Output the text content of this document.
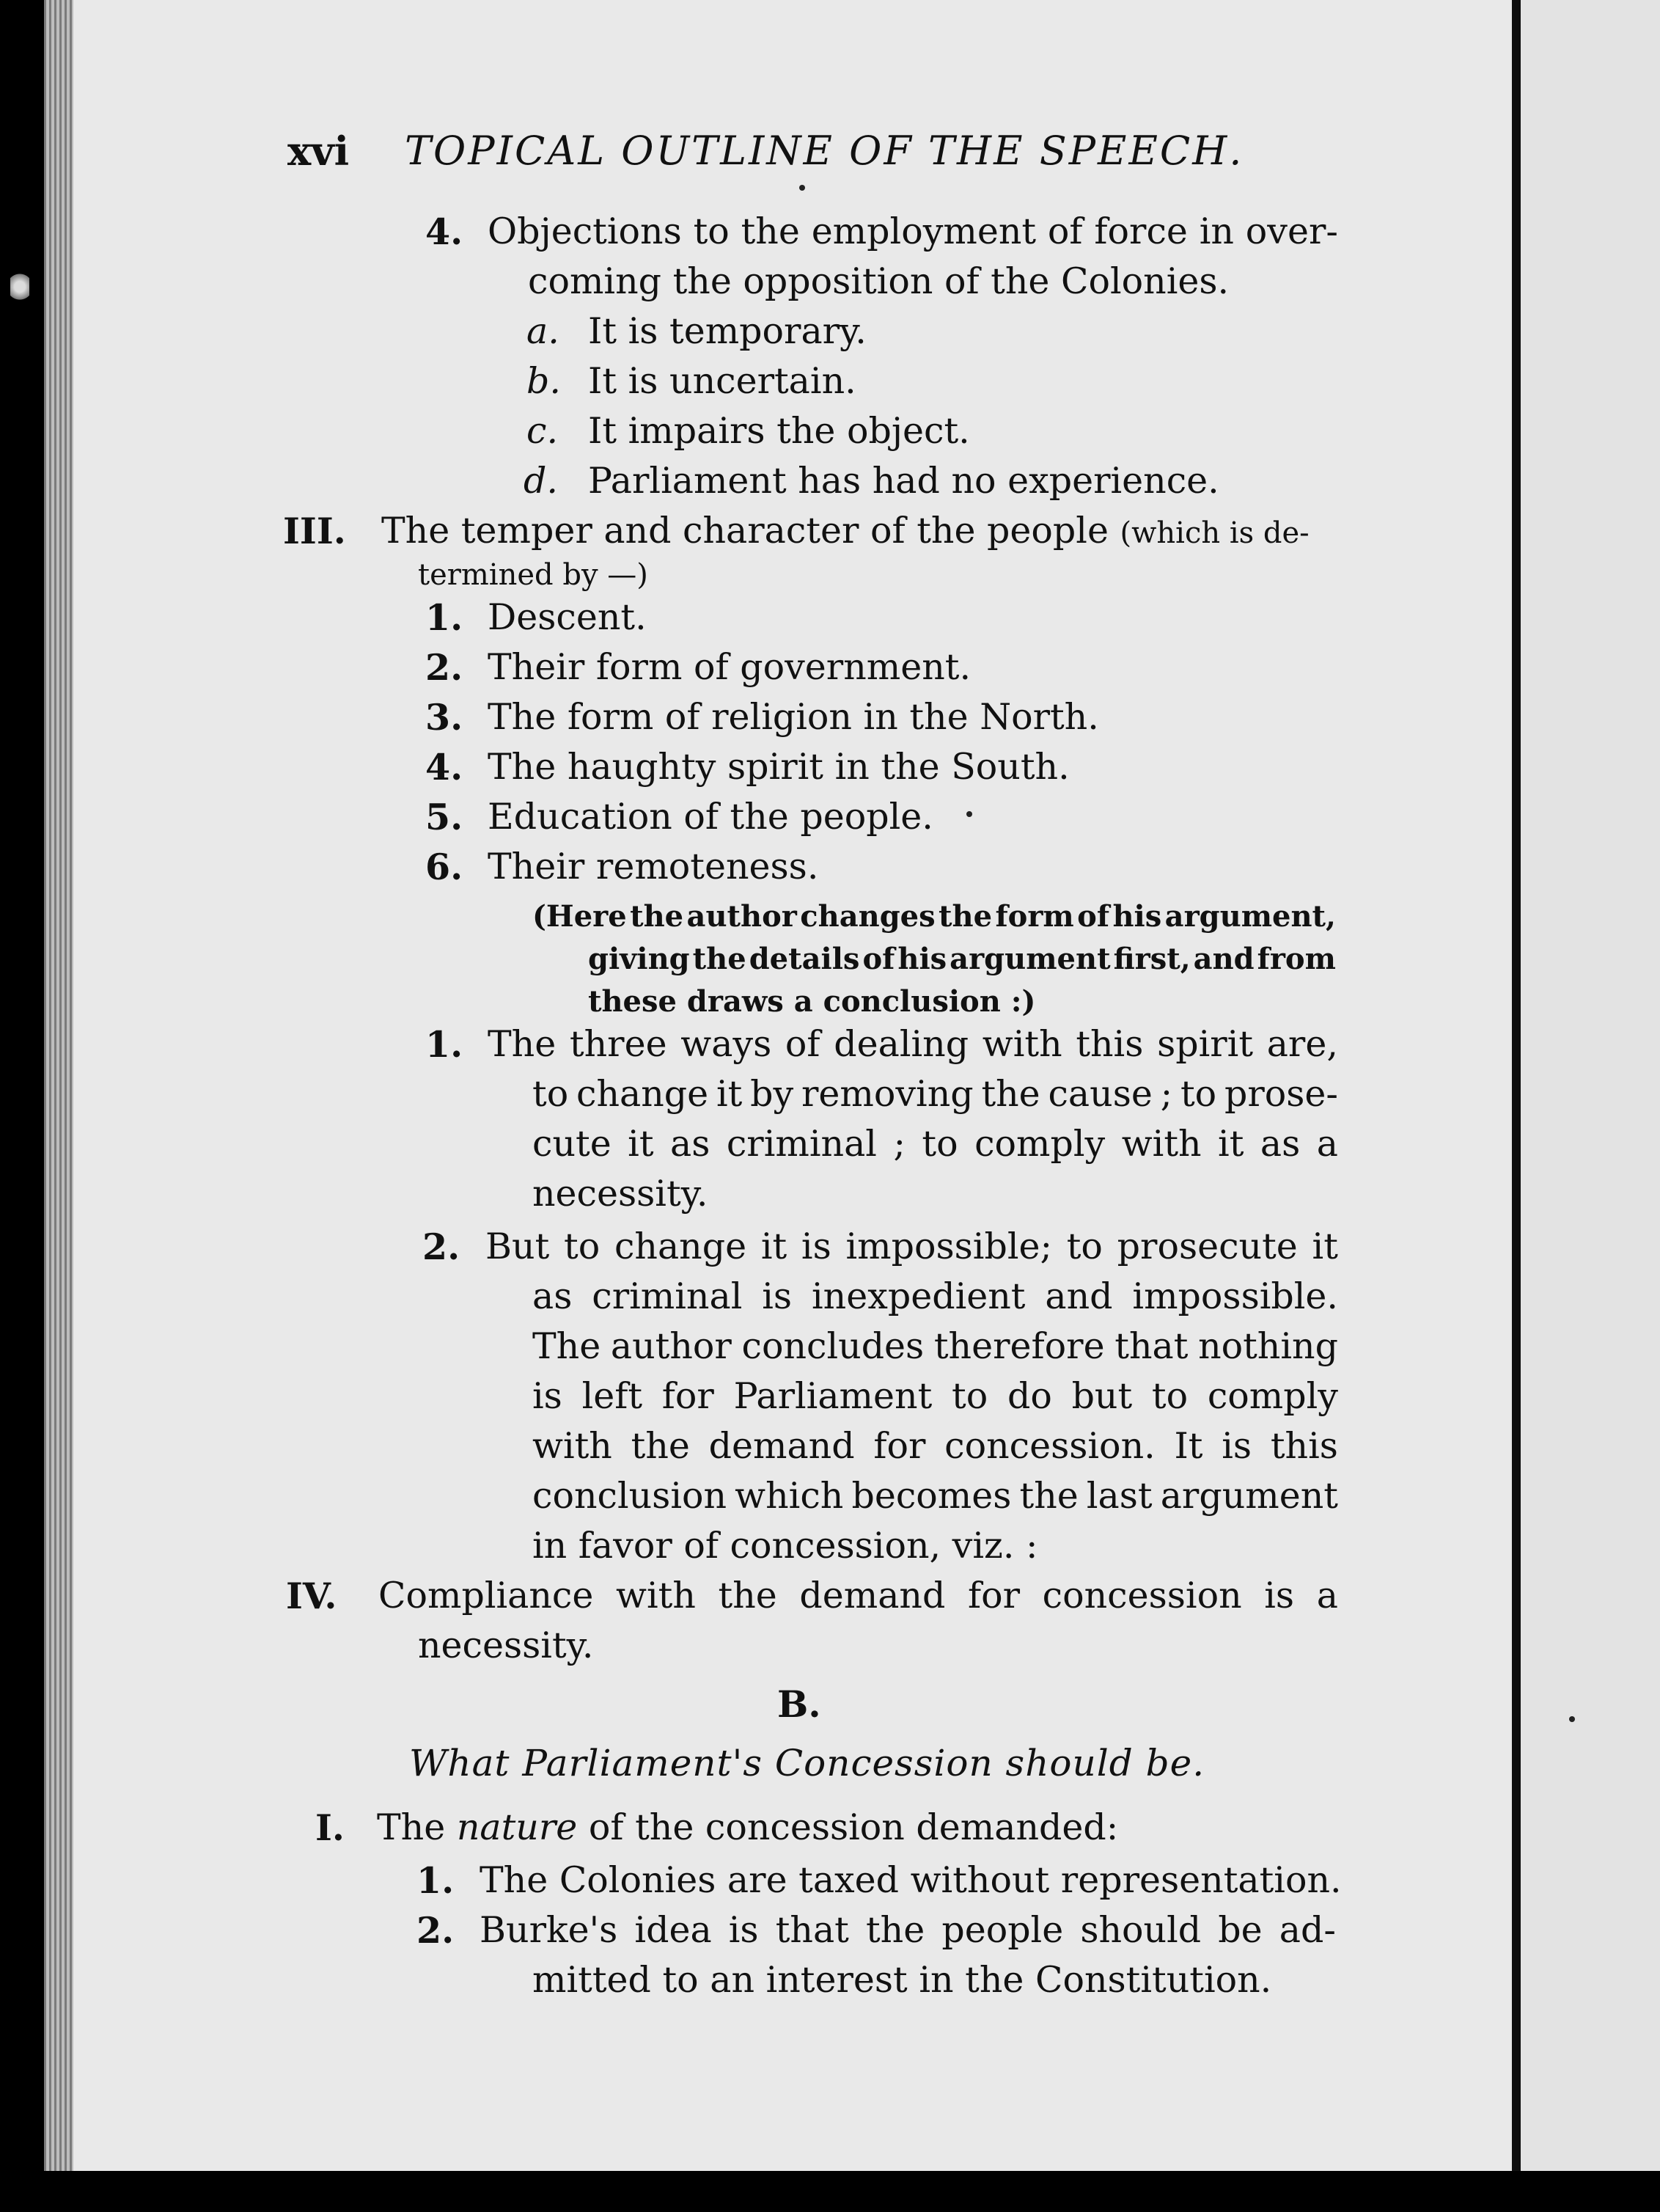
xvi TOPICAL OUTLINE OF THE SPEECH.
4. Objections to the employment of force in over-
coming the opposition of the Colonies.
a. It is temporary.
b. It is uncertain.
c. It impairs the object.
d. Parliament has had no experience.
III. The temper and character of the people (which is de-
termined by —)
1. Descent.
2. Their form of government.
3. The form of religion in the North.
4. The haughty spirit in the South.
5. Education of the people.
6. Their remoteness.
(Here the author changes the form of his argument,
giving the details of his argument first, and from
these draws a conclusion :)
1. The three ways of dealing with this spirit are,
to change it by removing the cause ; to prose-
cute it as criminal ; to comply with it as a
necessity.
2. But to change it is impossible; to prosecute it
as criminal is inexpedient and impossible.
The author concludes therefore that nothing
is left for Parliament to do but to comply
with the demand for concession. It is this
conclusion which becomes the last argument
in favor of concession, viz. :
IV. Compliance with the demand for concession is a
necessity.
B.
What Parliament's Concession should be.
I. The nature of the concession demanded:
1. The Colonies are taxed without representation.
2. Burke's idea is that the people should be ad-
mitted to an interest in the Constitution.
